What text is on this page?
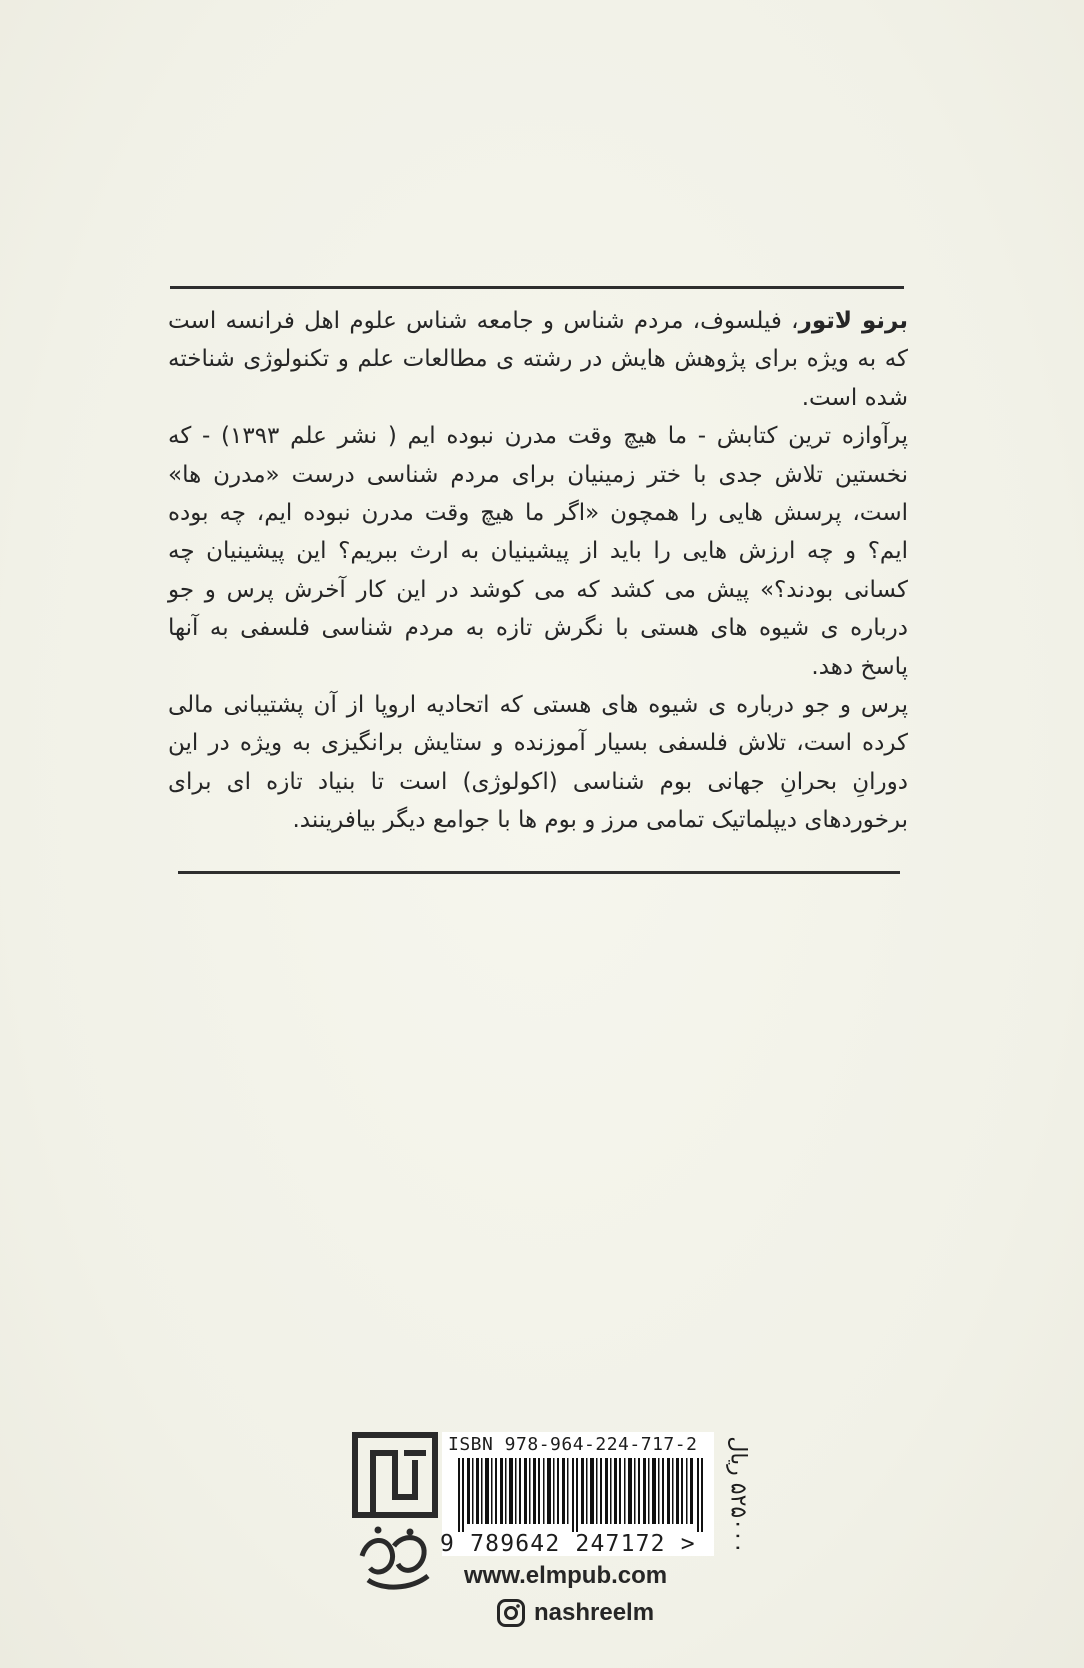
برنو لاتور، فیلسوف، مردم شناس و جامعه شناس علوم اهل فرانسه است که به ویژه برای پژوهش هایش در رشته ی مطالعات علم و تکنولوژی شناخته شده است.

پرآوازه ترین کتابش - ما هیچ وقت مدرن نبوده ایم ( نشر علم ۱۳۹۳) - که نخستین تلاش جدی با ختر زمینیان برای مردم شناسی درست «مدرن ها» است، پرسش هایی را همچون «اگر ما هیچ وقت مدرن نبوده ایم، چه بوده ایم؟ و چه ارزش هایی را باید از پیشینیان به ارث ببریم؟ این پیشینیان چه کسانی بودند؟» پیش می کشد که می کوشد در این کار آخرش پرس و جو درباره ی شیوه های هستی با نگرش تازه به مردم شناسی فلسفی به آنها پاسخ دهد.

پرس و جو درباره ی شیوه های هستی که اتحادیه اروپا از آن پشتیبانی مالی کرده است، تلاش فلسفی بسیار آموزنده و ستایش برانگیزی به ویژه در این دورانِ بحرانِ جهانی بوم شناسی (اکولوژی) است تا بنیاد تازه ای برای برخوردهای دیپلماتیک تمامی مرز و بوم ها با جوامع دیگر بیافرینند.

ISBN 978-964-224-717-2
9 789642 247172 >
۵۲۵۰۰۰ ریال
www.elmpub.com
nashreelm
